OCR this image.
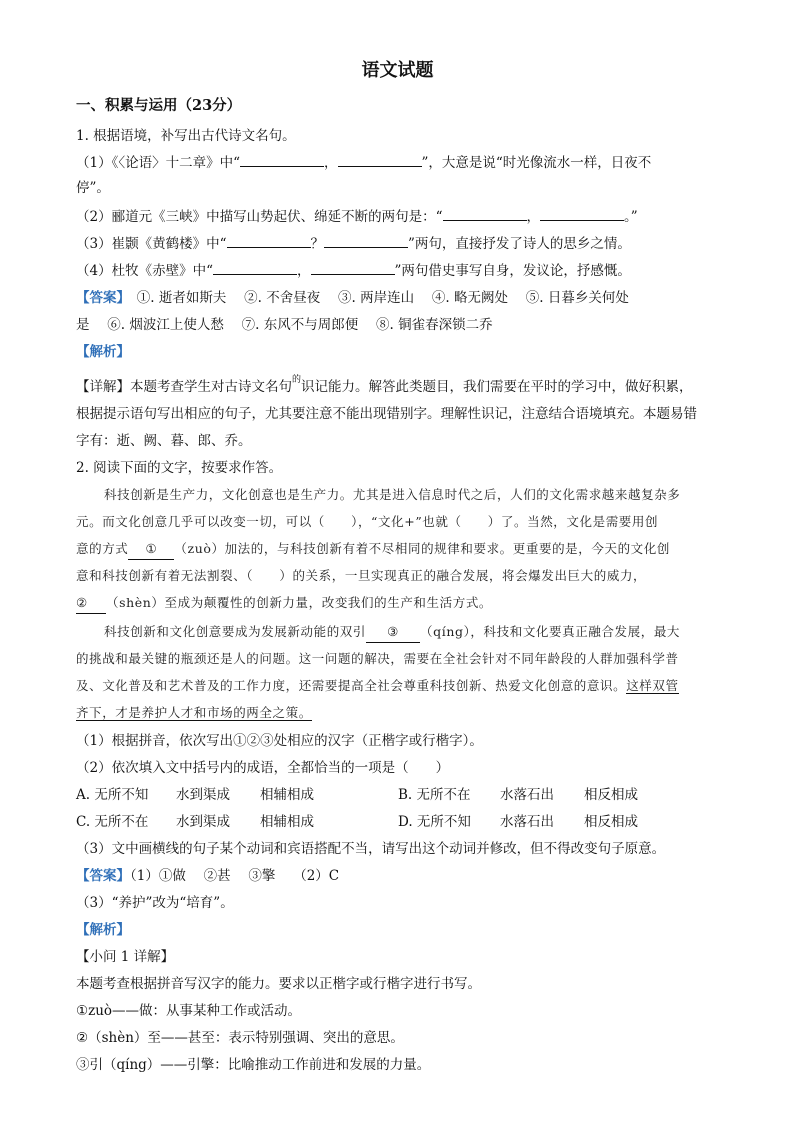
语文试题
一、积累与运用（23分）
1. 根据语境，补写出古代诗文名句。
（1）《〈论语〉十二章》中“	，	”，大意是说“时光像流水一样，日夜不
停”。
（2）郦道元《三峡》中描写山势起伏、绵延不断的两句是：“	，	。”
（3）崔颢《黄鹤楼》中“	？	”两句，直接抒发了诗人的思乡之情。
（4）杜牧《赤壁》中“	，	”两句借史事写自身，发议论，抒感慨。
【答案】　 ①. 逝者如斯夫　 ②. 不舍昼夜　 ③. 两岸连山　 ④. 略无阙处　 ⑤. 日暮乡关何处
是　 ⑥. 烟波江上使人愁　 ⑦. 东风不与周郎便　 ⑧. 铜雀春深锁二乔
【解析】
【详解】本题考查学生对古诗文名句$^的$识记能力。解答此类题目，我们需要在平时的学习中，做好积累，
根据提示语句写出相应的句子，尤其要注意不能出现错别字。理解性识记，注意结合语境填充。本题易错
字有：逝、阙、暮、郎、乔。
2. 阅读下面的文字，按要求作答。
科技创新是生产力，文化创意也是生产力。尤其是进入信息时代之后，人们的文化需求越来越复杂多
元。而文化创意几乎可以改变一切，可以（　　），“文化+”也就（　　）了。当然，文化是需要用创
意的方式 ① （zuò）加法的，与科技创新有着不尽相同的规律和要求。更重要的是，今天的文化创
意和科技创新有着无法割裂、（　　）的关系，一旦实现真正的融合发展，将会爆发出巨大的威力，
② （shèn）至成为颠覆性的创新力量，改变我们的生产和生活方式。
科技创新和文化创意要成为发展新动能的双引 ③ （qíng），科技和文化要真正融合发展，最大
的挑战和最关键的瓶颈还是人的问题。这一问题的解决，需要在全社会针对不同年龄段的人群加强科学普
及、文化普及和艺术普及的工作力度，还需要提高全社会尊重科技创新、热爱文化创意的意识。这样双管
齐下，才是养护人才和市场的两全之策。
（1）根据拼音，依次写出①②③处相应的汉字（正楷字或行楷字）。
（2）依次填入文中括号内的成语，全都恰当的一项是（　　）
A. 无所不知 水到渠成 相辅相成	B. 无所不在 水落石出 相反相成
C. 无所不在 水到渠成 相辅相成	D. 无所不知 水落石出 相反相成
（3）文中画横线的句子某个动词和宾语搭配不当，请写出这个动词并修改，但不得改变句子原意。
【答案】（1）①做　 ②甚　 ③擎　 （2）C
（3）“养护”改为“培育”。
【解析】
【小问 1 详解】
本题考查根据拼音写汉字的能力。要求以正楷字或行楷字进行书写。
①zuò——做：从事某种工作或活动。
②（shèn）至——甚至：表示特别强调、突出的意思。
③引（qíng）——引擎：比喻推动工作前进和发展的力量。
